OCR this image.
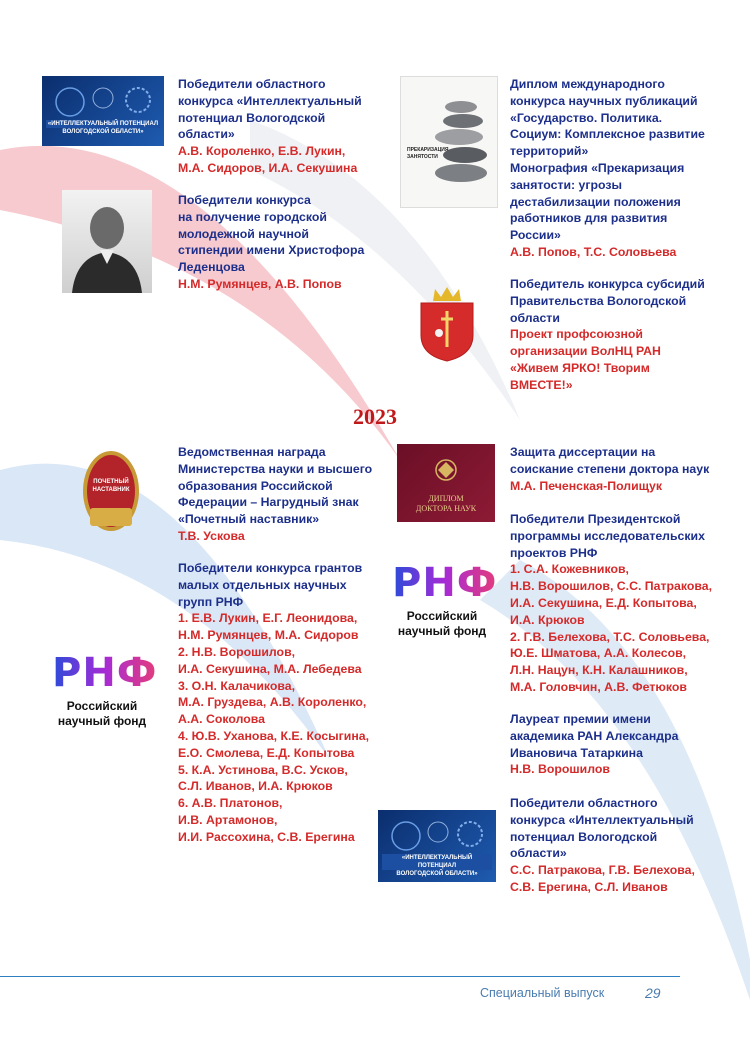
«ИНТЕЛЛЕКТУАЛЬНЫЙ ПОТЕНЦИАЛ
ВОЛОГОДСКОЙ ОБЛАСТИ»
Победители областного
конкурса «Интеллектуальный
потенциал Вологодской
области»
А.В. Короленко, Е.В. Лукин,
М.А. Сидоров, И.А. Секушина
Победители конкурса
на получение городской
молодежной научной
стипендии имени Христофора
Леденцова
Н.М. Румянцев, А.В. Попов
ПРЕКАРИЗАЦИЯ
ЗАНЯТОСТИ
Диплом международного
конкурса научных публикаций
«Государство. Политика.
Социум: Комплексное развитие
территорий»
Монография «Прекаризация
занятости: угрозы
дестабилизации положения
работников для развития
России»
А.В. Попов, Т.С. Соловьева
Победитель конкурса субсидий
Правительства Вологодской
области
Проект профсоюзной
организации ВолНЦ РАН
«Живем ЯРКО! Творим
ВМЕСТЕ!»
2023
ПОЧЕТНЫЙ
НАСТАВНИК
РНФ
Российский
научный фонд
Ведомственная награда
Министерства науки и высшего
образования Российской
Федерации – Нагрудный знак
«Почетный наставник»
Т.В. Ускова
Победители конкурса грантов
малых отдельных научных
групп РНФ
1. Е.В. Лукин, Е.Г. Леонидова,
Н.М. Румянцев, М.А. Сидоров
2. Н.В. Ворошилов,
И.А. Секушина, М.А. Лебедева
3. О.Н. Калачикова,
М.А. Груздева, А.В. Короленко,
А.А. Соколова
4. Ю.В. Уханова, К.Е. Косыгина,
Е.О. Смолева, Е.Д. Копытова
5. К.А. Устинова, В.С. Усков,
С.Л. Иванов, И.А. Крюков
6. А.В. Платонов,
И.В. Артамонов,
И.И. Рассохина, С.В. Ерегина
ДИПЛОМ
ДОКТОРА НАУК
РНФ
Российский
научный фонд
«ИНТЕЛЛЕКТУАЛЬНЫЙ ПОТЕНЦИАЛ
ВОЛОГОДСКОЙ ОБЛАСТИ»
Защита диссертации на
соискание степени доктора наук
М.А. Печенская-Полищук
Победители Президентской
программы исследовательских
проектов РНФ
1. С.А. Кожевников,
Н.В. Ворошилов, С.С. Патракова,
И.А. Секушина, Е.Д. Копытова,
И.А. Крюков
2. Г.В. Белехова, Т.С. Соловьева,
Ю.Е. Шматова, А.А. Колесов,
Л.Н. Нацун, К.Н. Калашников,
М.А. Головчин, А.В. Фетюков
Лауреат премии имени
академика РАН Александра
Ивановича Татаркина
Н.В. Ворошилов
Победители областного
конкурса «Интеллектуальный
потенциал Вологодской
области»
С.С. Патракова, Г.В. Белехова,
С.В. Ерегина, С.Л. Иванов
Специальный выпуск	29
